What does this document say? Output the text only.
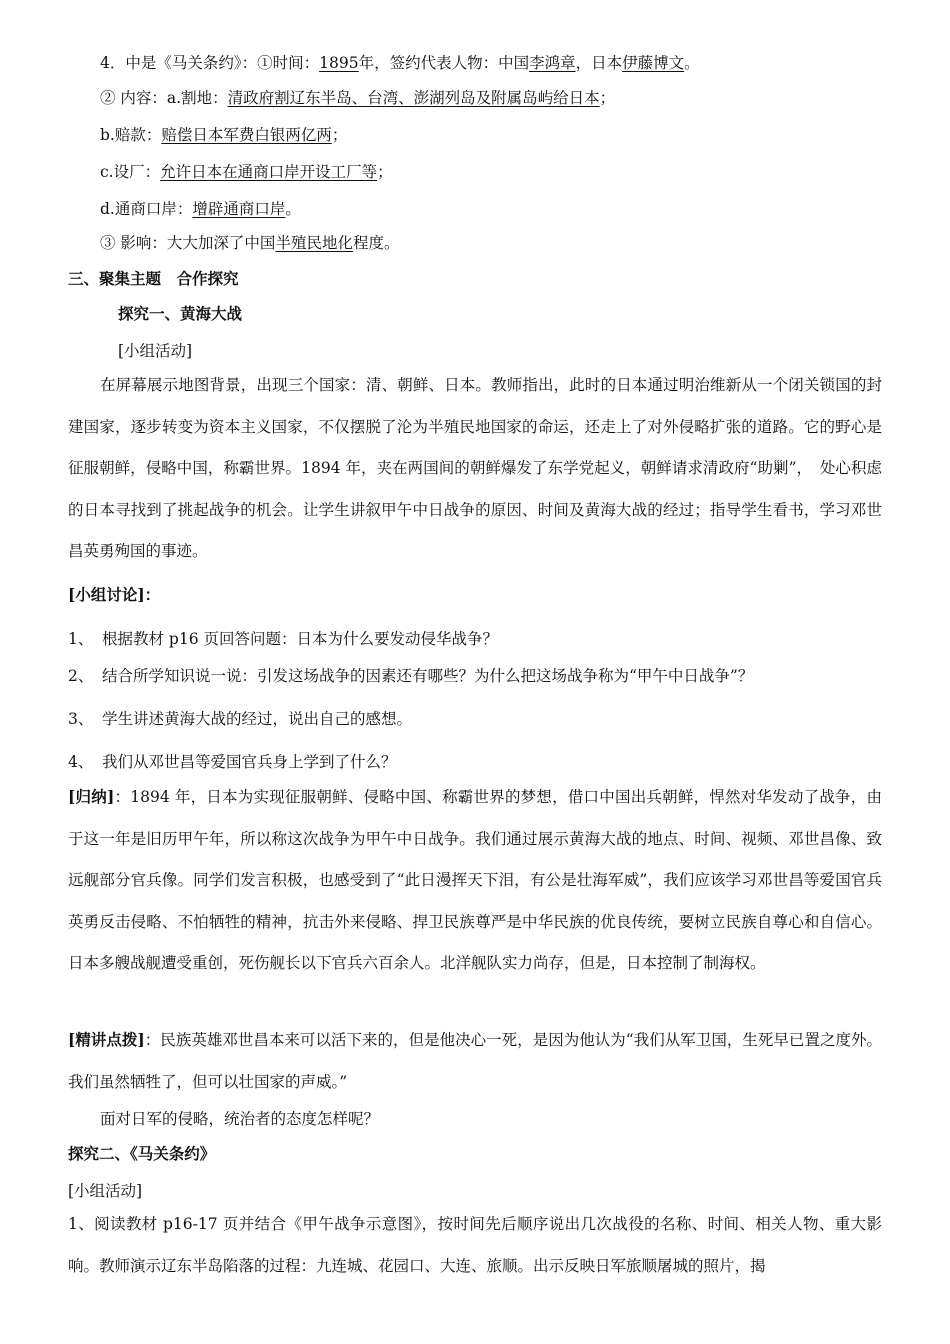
4．中是《马关条约》：①时间：1895年，签约代表人物：中国李鸿章，日本伊藤博文。
② 内容：a.割地：清政府割辽东半岛、台湾、澎湖列岛及附属岛屿给日本；
b.赔款：赔偿日本军费白银两亿两；
c.设厂：允许日本在通商口岸开设工厂等；
d.通商口岸：增辟通商口岸。
③ 影响：大大加深了中国半殖民地化程度。
三、聚集主题　合作探究
探究一、黄海大战
[小组活动]
在屏幕展示地图背景，出现三个国家：清、朝鲜、日本。教师指出，此时的日本通过明治维新从一个闭关锁国的封建国家，逐步转变为资本主义国家，不仅摆脱了沦为半殖民地国家的命运，还走上了对外侵略扩张的道路。它的野心是征服朝鲜，侵略中国，称霸世界。1894 年，夹在两国间的朝鲜爆发了东学党起义，朝鲜请求清政府“助剿”，　处心积虑的日本寻找到了挑起战争的机会。让学生讲叙甲午中日战争的原因、时间及黄海大战的经过；指导学生看书，学习邓世昌英勇殉国的事迹。
[小组讨论]：
1、 根据教材 p16 页回答问题：日本为什么要发动侵华战争？
2、 结合所学知识说一说：引发这场战争的因素还有哪些？为什么把这场战争称为“甲午中日战争”？
3、 学生讲述黄海大战的经过，说出自己的感想。
4、 我们从邓世昌等爱国官兵身上学到了什么？
[归纳]：1894 年，日本为实现征服朝鲜、侵略中国、称霸世界的梦想，借口中国出兵朝鲜，悍然对华发动了战争，由于这一年是旧历甲午年，所以称这次战争为甲午中日战争。我们通过展示黄海大战的地点、时间、视频、邓世昌像、致远舰部分官兵像。同学们发言积极，也感受到了“此日漫挥天下泪，有公是壮海军威”，我们应该学习邓世昌等爱国官兵英勇反击侵略、不怕牺牲的精神，抗击外来侵略、捍卫民族尊严是中华民族的优良传统，要树立民族自尊心和自信心。日本多艘战舰遭受重创，死伤舰长以下官兵六百余人。北洋舰队实力尚存，但是，日本控制了制海权。
[精讲点拨]：民族英雄邓世昌本来可以活下来的，但是他决心一死，是因为他认为“我们从军卫国，生死早已置之度外。我们虽然牺牲了，但可以壮国家的声威。”
面对日军的侵略，统治者的态度怎样呢？
探究二、《马关条约》
[小组活动]
1、阅读教材 p16-17 页并结合《甲午战争示意图》，按时间先后顺序说出几次战役的名称、时间、相关人物、重大影响。教师演示辽东半岛陷落的过程：九连城、花园口、大连、旅顺。出示反映日军旅顺屠城的照片，揭
